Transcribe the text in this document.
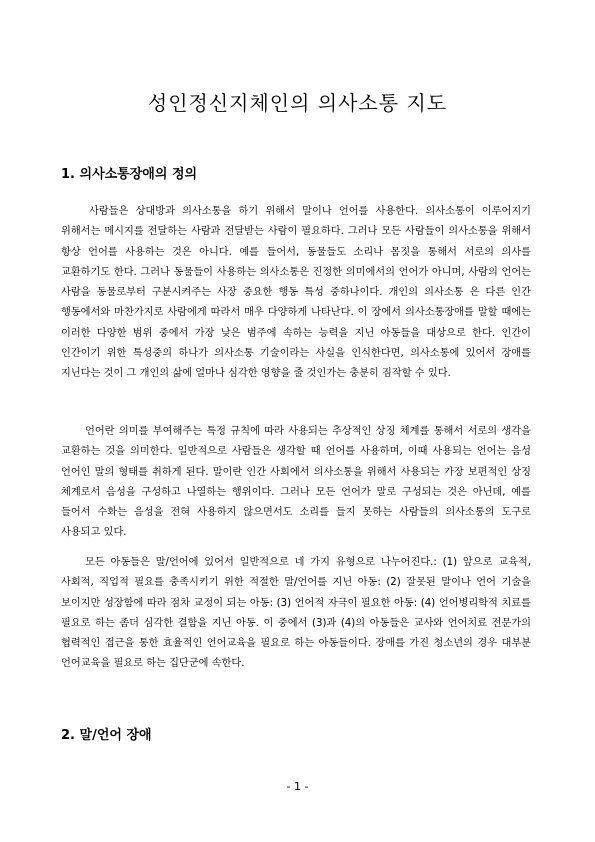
성인정신지체인의 의사소통 지도
1. 의사소통장애의 정의

사람들은 상대방과 의사소통을 하기 위해서 말이나 언어를 사용한다. 의사소통이 이루어지기 위해서는 메시지를 전달하는 사람과 전달받는 사람이 필요하다. 그러나 모든 사람들이 의사소통을 위해서 항상 언어를 사용하는 것은 아니다. 예를 들어서, 동물들도 소리나 몸짓을 통해서 서로의 의사를 교환하기도 한다. 그러나 동물들이 사용하는 의사소통은 진정한 의미에서의 언어가 아니며, 사람의 언어는 사람을 동물로부터 구분시켜주는 사장 중요한 행동 특성 중하나이다. 개인의 의사소통 은 다른 인간 행동에서와 마찬가지로 사람에게 따라서 매우 다양하게 나타난다. 이 장에서 의사소통장애를 말할 때에는 이러한 다양한 범위 중에서 가장 낮은 범주에 속하는 능력을 지닌 아동들을 대상으로 한다. 인간이 인간이기 위한 특성중의 하나가 의사소통 기술이라는 사실을 인식한다면, 의사소통에 있어서 장애를 지닌다는 것이 그 개인의 삶에 얼마나 심각한 영향을 줄 것인가는 충분히 짐작할 수 있다.

언어란 의미를 부여해주는 특정 규칙에 따라 사용되는 추상적인 상징 체계를 통해서 서로의 생각을 교환하는 것을 의미한다. 일반적으로 사람들은 생각할 때 언어를 사용하며, 이때 사용되는 언어는 음성 언어인 말의 형태를 취하게 된다. 말이란 인간 사회에서 의사소통을 위해서 사용되는 가장 보편적인 상징 체계로서 음성을 구성하고 나열하는 행위이다. 그러나 모든 언어가 말로 구성되는 것은 아닌데, 예를 들어서 수화는 음성을 전혀 사용하지 않으면서도 소리를 들지 못하는 사람들의 의사소통의 도구로 사용되고 있다.

모든 아동들은 말/언어에 있어서 일반적으로 네 가지 유형으로 나누어진다.: (1) 앞으로 교육적, 사회적, 직업적 필요를 충족시키기 위한 적절한 말/언어를 지닌 아동: (2) 잘못된 말이나 언어 기술을 보이지만 성장함에 따라 점차 교정이 되는 아동: (3) 언어적 자극이 필요한 아동: (4) 언어병리학적 치료를 필요로 하는 좀더 심각한 결함을 지닌 아동. 이 중에서 (3)과 (4)의 아동들은 교사와 언어치료 전문가의 협력적인 접근을 통한 효율적인 언어교육을 필요로 하는 아동들이다. 장애를 가진 청소년의 경우 대부분 언어교육을 필요로 하는 집단군에 속한다.

2. 말/언어 장애
- 1 -
